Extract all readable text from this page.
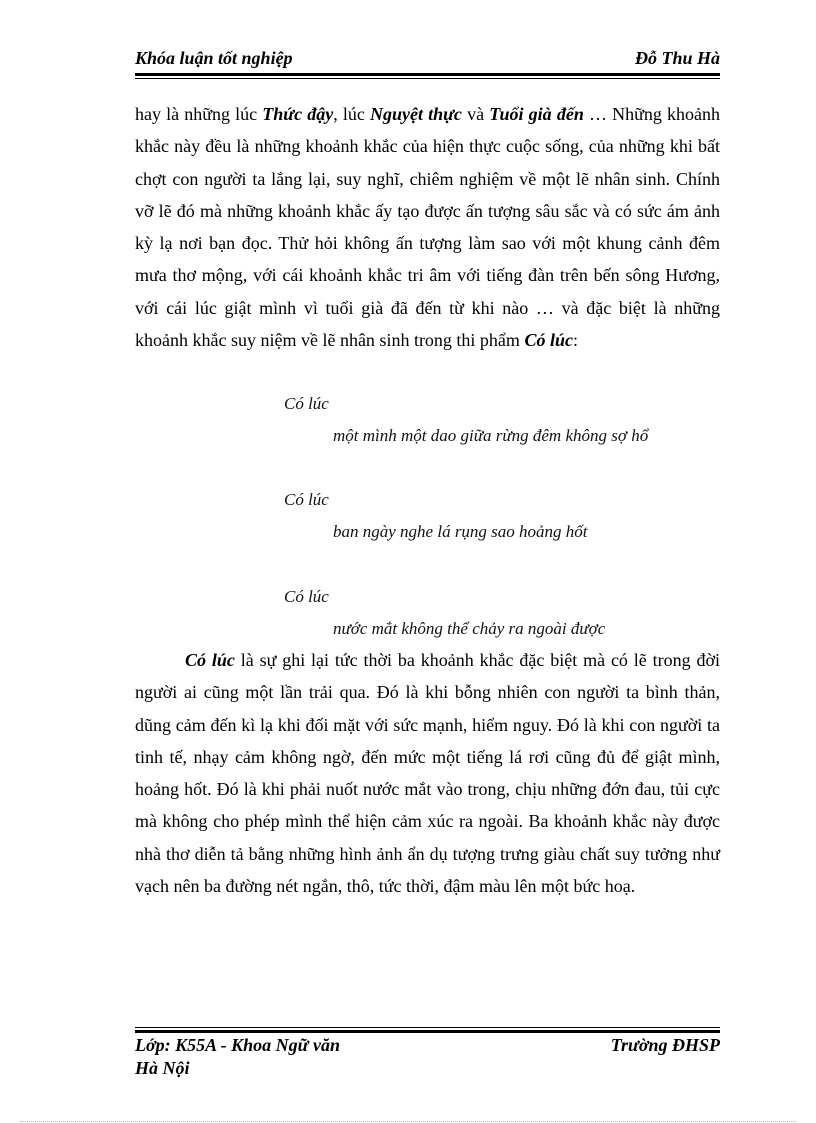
Khóa luận tốt nghiệp	Đỗ Thu Hà

hay là những lúc Thức đậy, lúc Nguyệt thực và Tuổi già đến … Những khoảnh khắc này đều là những khoảnh khắc của hiện thực cuộc sống, của những khi bất chợt con người ta lắng lại, suy nghĩ, chiêm nghiệm về một lẽ nhân sinh. Chính vỡ lẽ đó mà những khoảnh khắc ấy tạo được ấn tượng sâu sắc và có sức ám ảnh kỳ lạ nơi bạn đọc. Thử hỏi không ấn tượng làm sao với một khung cảnh đêm mưa thơ mộng, với cái khoảnh khắc tri âm với tiếng đàn trên bến sông Hương, với cái lúc giật mình vì tuổi già đã đến từ khi nào … và đặc biệt là những khoảnh khắc suy niệm về lẽ nhân sinh trong thi phẩm Có lúc:

Có lúc
một mình một dao giữa rừng đêm không sợ hổ
Có lúc
ban ngày nghe lá rụng sao hoảng hốt
Có lúc
nước mắt không thể chảy ra ngoài được

Có lúc là sự ghi lại tức thời ba khoảnh khắc đặc biệt mà có lẽ trong đời người ai cũng một lần trải qua. Đó là khi bỗng nhiên con người ta bình thản, dũng cảm đến kì lạ khi đối mặt với sức mạnh, hiểm nguy. Đó là khi con người ta tinh tế, nhạy cảm không ngờ, đến mức một tiếng lá rơi cũng đủ để giật mình, hoảng hốt. Đó là khi phải nuốt nước mắt vào trong, chịu những đớn đau, tủi cực mà không cho phép mình thể hiện cảm xúc ra ngoài. Ba khoảnh khắc này được nhà thơ diễn tả bằng những hình ảnh ẩn dụ tượng trưng giàu chất suy tưởng như vạch nên ba đường nét ngắn, thô, tức thời, đậm màu lên một bức hoạ.

Lớp: K55A - Khoa Ngữ văn
Hà Nội
Trường ĐHSP
